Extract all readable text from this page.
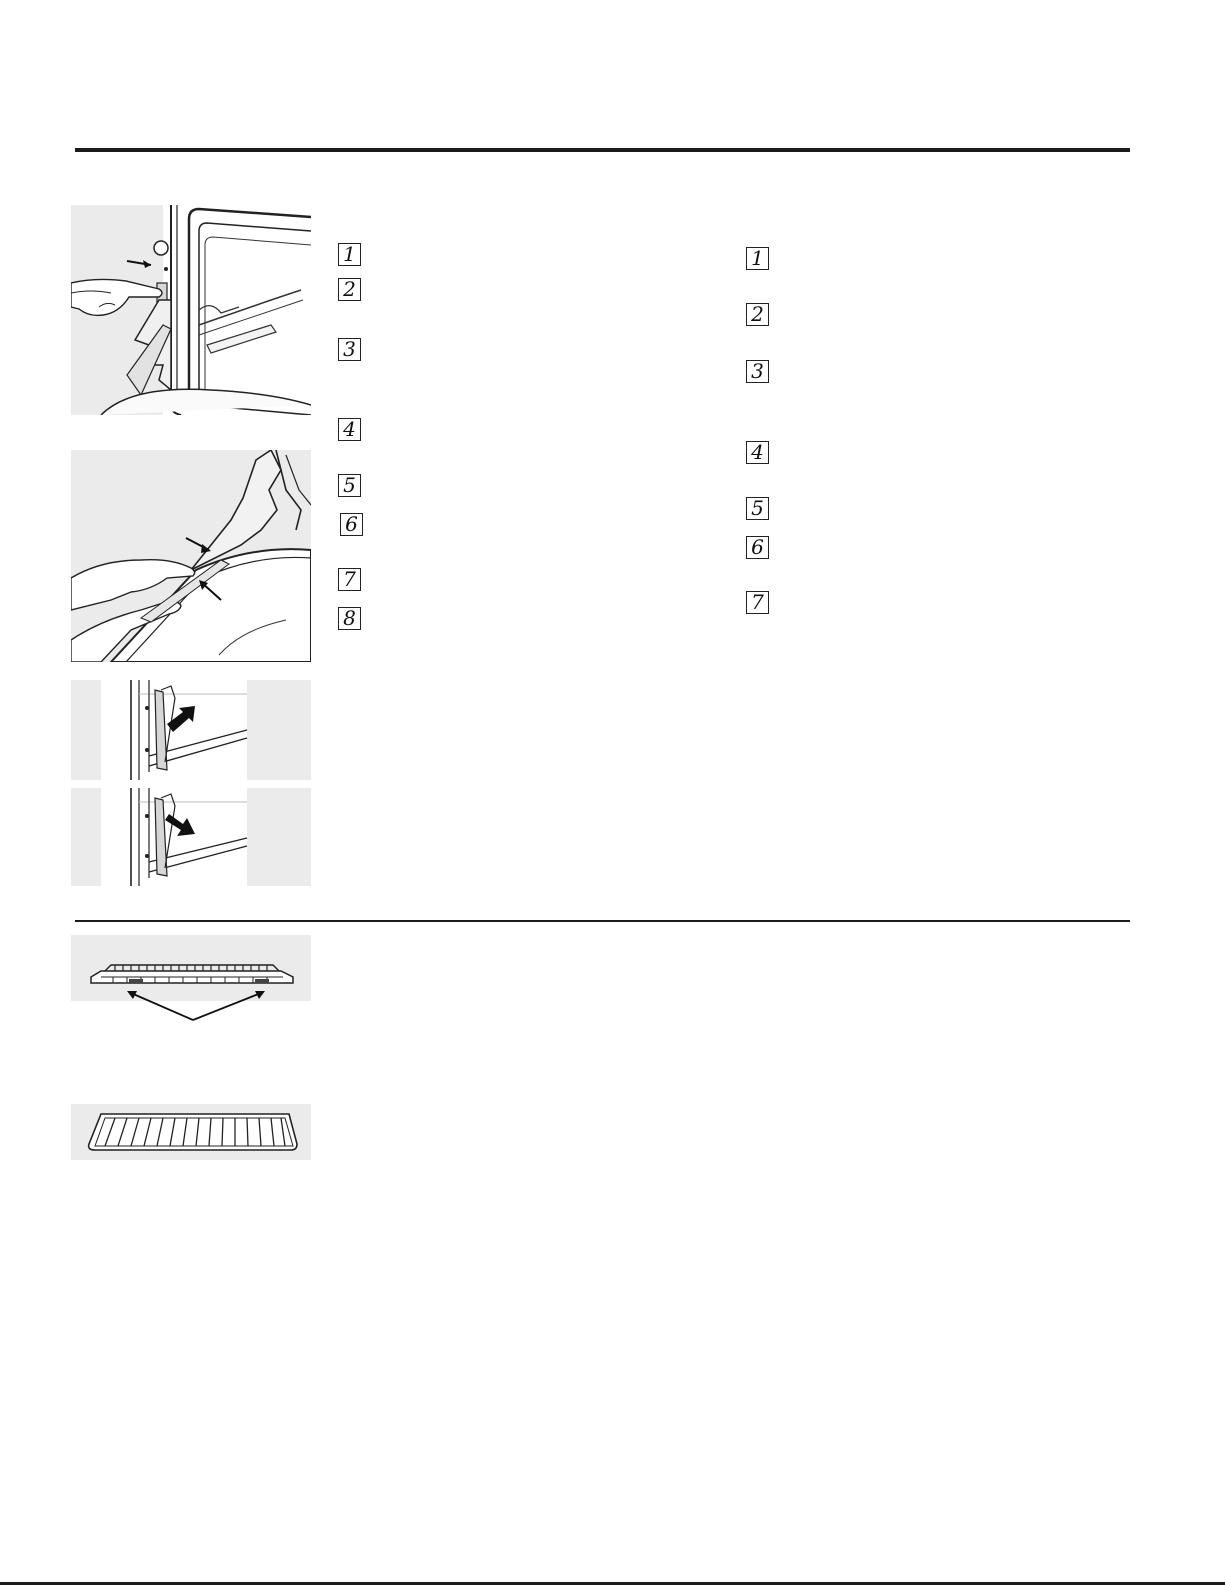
1
2
3
4
5
6
7
8
1
2
3
4
5
6
7
